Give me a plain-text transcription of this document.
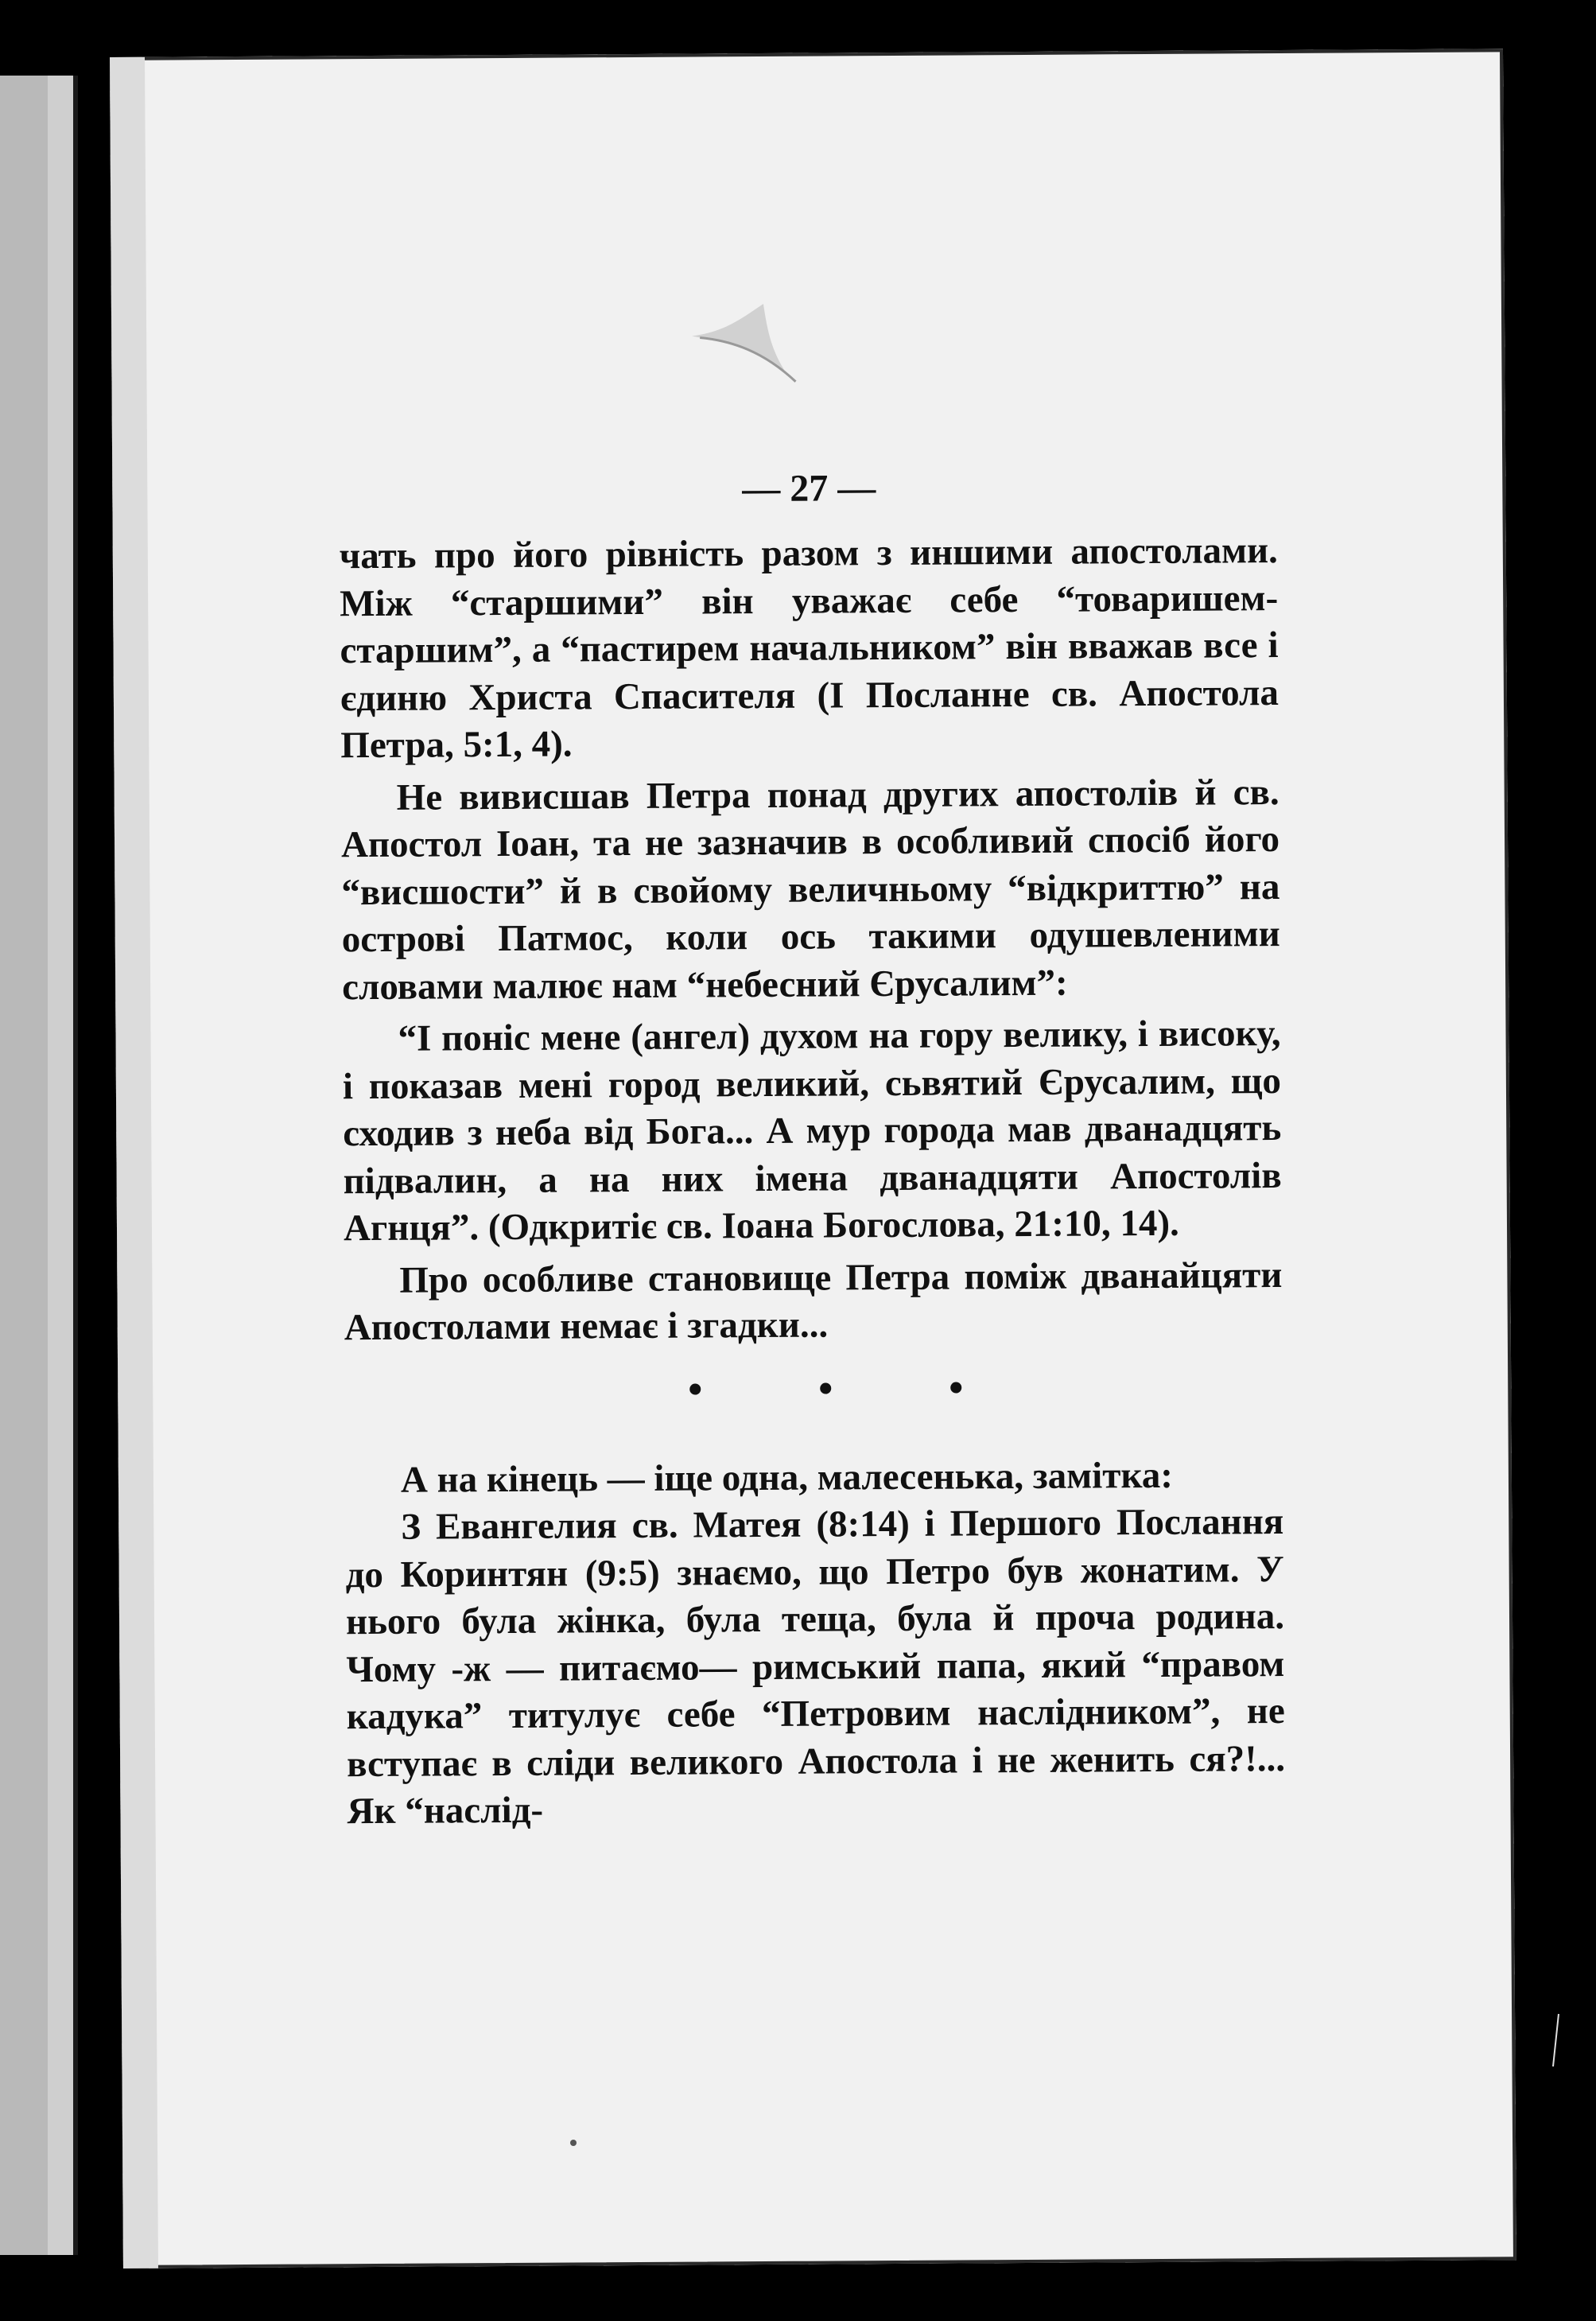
— 27 —

чать про його рівність разом з иншими апостолами. Між “старшими” він уважає себе “товаришем-старшим”, а “пастирем начальником” він вважав все і єдиню Христа Спасителя (І Посланне св. Апостола Петра, 5:1, 4).

Не вивисшав Петра понад других апостолів й св. Апостол Іоан, та не зазначив в особливий спосіб його “висшости” й в свойому величньому “відкриттю” на острові Патмос, коли ось такими одушевленими словами малює нам “небесний Єрусалим”:

“І поніс мене (ангел) духом на гору велику, і високу, і показав мені город великий, сьвятий Єрусалим, що сходив з неба від Бога... А мур города мав дванадцять підвалин, а на них імена дванадцяти Апостолів Агнця”. (Одкритіє св. Іоана Богослова, 21:10, 14).

Про особливе становище Петра поміж дванайцяти Апостолами немає і згадки...

А на кінець — іще одна, малесенька, замітка:

З Евангелия св. Матея (8:14) і Першого Послання до Коринтян (9:5) знаємо, що Петро був жонатим. У нього була жінка, була теща, була й проча родина. Чому -ж — питаємо— римський папа, який “правом кадука” титулує себе “Петровим наслідником”, не вступає в сліди великого Апостола і не женить ся?!... Як “наслід-
